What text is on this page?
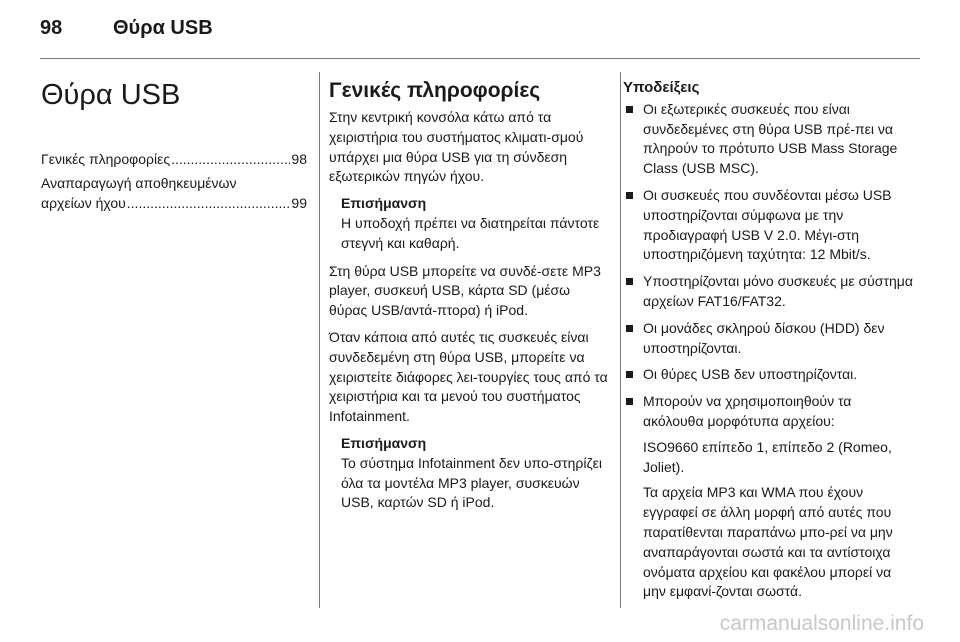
98	Θύρα USB
Θύρα USB
Γενικές πληροφορίες .....	98
Αναπαραγωγή αποθηκευμένων
αρχείων ήχου .....	99
Γενικές πληροφορίες

Στην κεντρική κονσόλα κάτω από τα χειριστήρια του συστήματος κλιματι-σμού υπάρχει μια θύρα USB για τη σύνδεση εξωτερικών πηγών ήχου.

Επισήμανση
Η υποδοχή πρέπει να διατηρείται πάντοτε στεγνή και καθαρή.

Στη θύρα USB μπορείτε να συνδέ-σετε MP3 player, συσκευή USB, κάρτα SD (μέσω θύρας USB/αντά-πτορα) ή iPod.

Όταν κάποια από αυτές τις συσκευές είναι συνδεδεμένη στη θύρα USB, μπορείτε να χειριστείτε διάφορες λει-τουργίες τους από τα χειριστήρια και τα μενού του συστήματος Infotainment.

Επισήμανση
Το σύστημα Infotainment δεν υπο-στηρίζει όλα τα μοντέλα MP3 player, συσκευών USB, καρτών SD ή iPod.
Υποδείξεις
Οι εξωτερικές συσκευές που είναι συνδεδεμένες στη θύρα USB πρέ-πει να πληρούν το πρότυπο USB Mass Storage Class (USB MSC).
Οι συσκευές που συνδέονται μέσω USB υποστηρίζονται σύμφωνα με την προδιαγραφή USB V 2.0. Μέγι-στη υποστηριζόμενη ταχύτητα: 12 Mbit/s.
Υποστηρίζονται μόνο συσκευές με σύστημα αρχείων FAT16/FAT32.
Οι μονάδες σκληρού δίσκου (HDD) δεν υποστηρίζονται.
Οι θύρες USB δεν υποστηρίζονται.

Μπορούν να χρησιμοποιηθούν τα ακόλουθα μορφότυπα αρχείου:

ISO9660 επίπεδο 1, επίπεδο 2 (Romeo, Joliet).

Τα αρχεία MP3 και WMA που έχουν εγγραφεί σε άλλη μορφή από αυτές που παρατίθενται παραπάνω μπο-ρεί να μην αναπαράγονται σωστά και τα αντίστοιχα ονόματα αρχείου και φακέλου μπορεί να μην εμφανί-ζονται σωστά.

carmanualsonline.info
